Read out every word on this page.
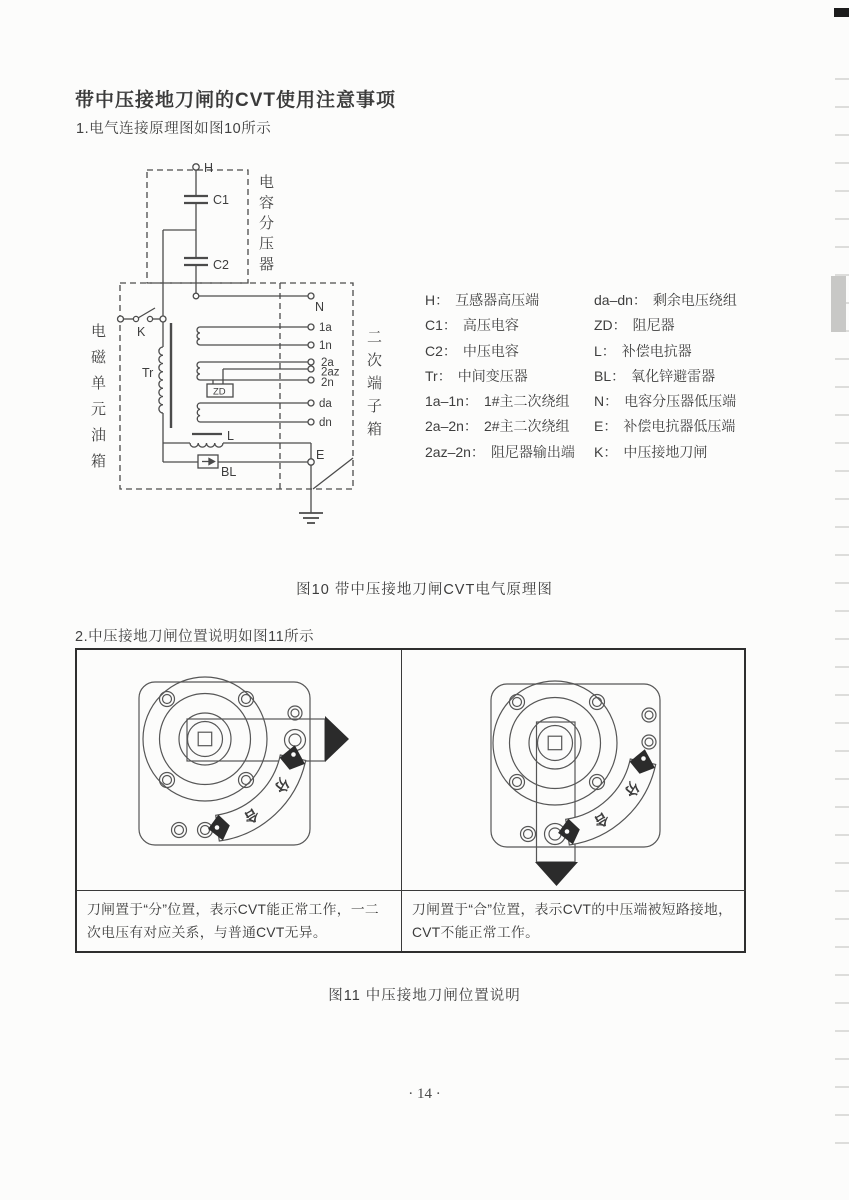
带中压接地刀闸的CVT使用注意事项
1.电气连接原理图如图10所示
H
C1
C2
K
Tr
N
ZD
L
BL
E
1a
1n
2a
2az
2n
da
dn
电容分压器
电磁单元油箱	二次端子箱
H： 互感器高压端
C1： 高压电容
C2： 中压电容
Tr： 中间变压器
1a–1n： 1#主二次绕组
2a–2n： 2#主二次绕组
2az–2n： 阻尼器输出端
da–dn： 剩余电压绕组
ZD： 阻尼器
L： 补偿电抗器
BL： 氧化锌避雷器
N： 电容分压器低压端
E： 补偿电抗器低压端
K： 中压接地刀闸
图10 带中压接地刀闸CVT电气原理图
2.中压接地刀闸位置说明如图11所示
分
合
分
合
刀闸置于“分”位置，表示CVT能正常工作，一二次电压有对应关系，与普通CVT无异。
刀闸置于“合”位置，表示CVT的中压端被短路接地，CVT不能正常工作。
图11 中压接地刀闸位置说明
· 14 ·
